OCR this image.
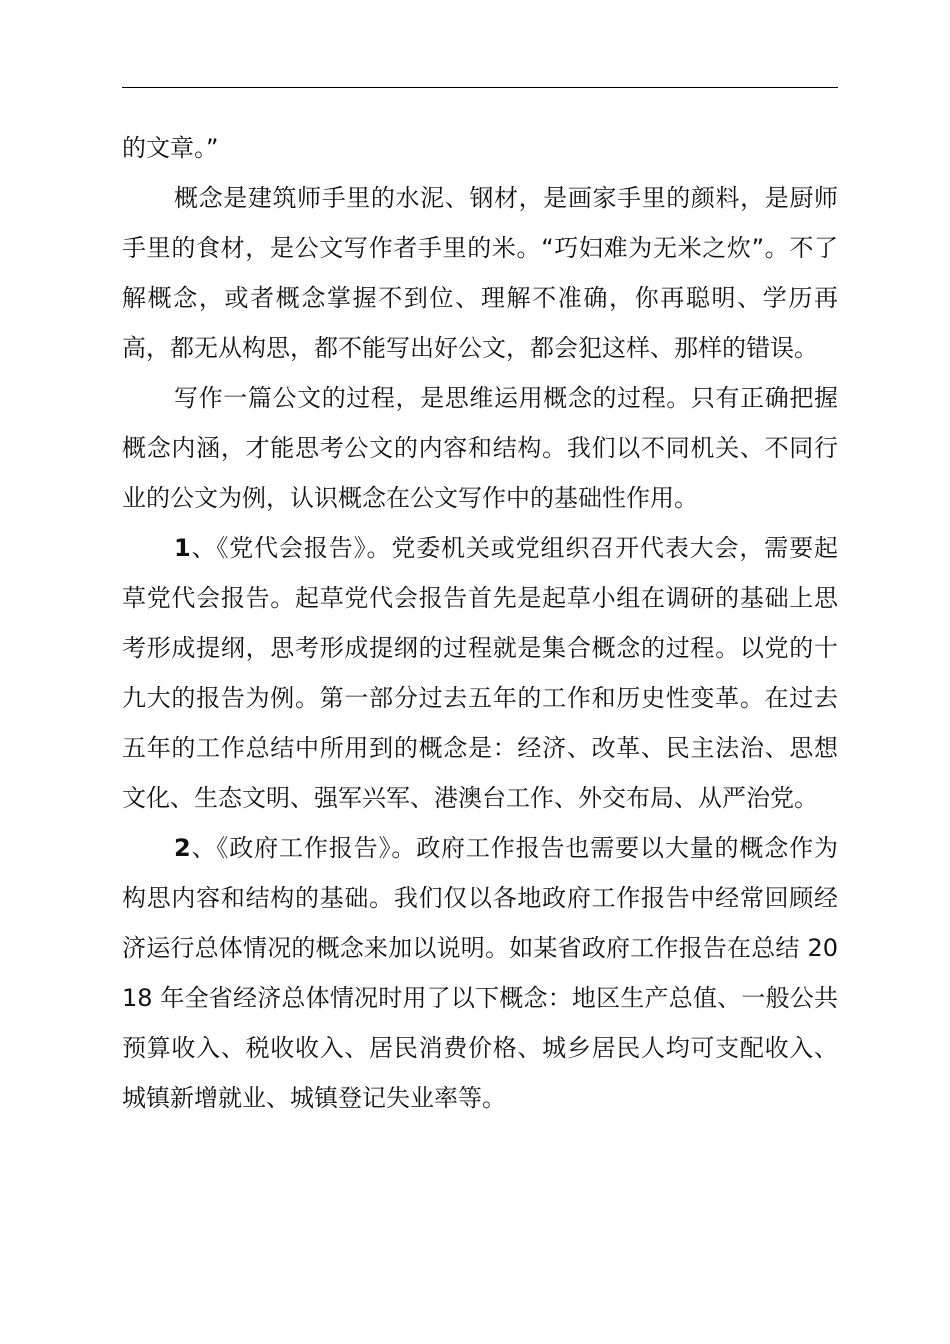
的文章。”

概念是建筑师手里的水泥、钢材，是画家手里的颜料，是厨师手里的食材，是公文写作者手里的米。“巧妇难为无米之炊”。不了解概念，或者概念掌握不到位、理解不准确，你再聪明、学历再高，都无从构思，都不能写出好公文，都会犯这样、那样的错误。

写作一篇公文的过程，是思维运用概念的过程。只有正确把握概念内涵，才能思考公文的内容和结构。我们以不同机关、不同行业的公文为例，认识概念在公文写作中的基础性作用。

1、《党代会报告》。党委机关或党组织召开代表大会，需要起草党代会报告。起草党代会报告首先是起草小组在调研的基础上思考形成提纲，思考形成提纲的过程就是集合概念的过程。以党的十九大的报告为例。第一部分过去五年的工作和历史性变革。在过去五年的工作总结中所用到的概念是：经济、改革、民主法治、思想文化、生态文明、强军兴军、港澳台工作、外交布局、从严治党。

2、《政府工作报告》。政府工作报告也需要以大量的概念作为构思内容和结构的基础。我们仅以各地政府工作报告中经常回顾经济运行总体情况的概念来加以说明。如某省政府工作报告在总结 2018 年全省经济总体情况时用了以下概念：地区生产总值、一般公共预算收入、税收收入、居民消费价格、城乡居民人均可支配收入、城镇新增就业、城镇登记失业率等。
